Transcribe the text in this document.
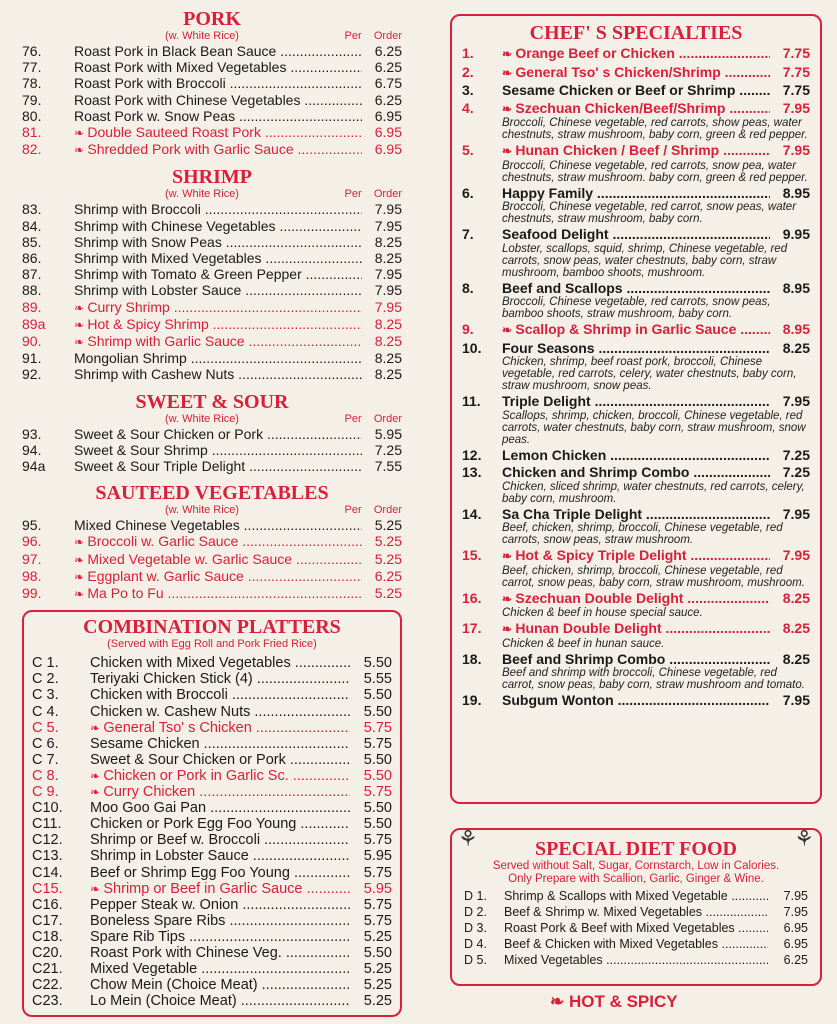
PORK
(w. White Rice)	Per Order
76.	Roast Pork in Black Bean Sauce .....	6.25
77.	Roast Pork with Mixed Vegetables .....	6.25
78.	Roast Pork with Broccoli .....	6.75
79.	Roast Pork with Chinese Vegetables .....	6.25
80.	Roast Pork w. Snow Peas .....	6.95
81.	❧ Double Sauteed Roast Pork .....	6.95
82.	❧ Shredded Pork with Garlic Sauce .....	6.95
SHRIMP
(w. White Rice)	Per Order
83.	Shrimp with Broccoli .....	7.95
84.	Shrimp with Chinese Vegetables .....	7.95
85.	Shrimp with Snow Peas .....	8.25
86.	Shrimp with Mixed Vegetables .....	8.25
87.	Shrimp with Tomato & Green Pepper .....	7.95
88.	Shrimp with Lobster Sauce .....	7.95
89.	❧ Curry Shrimp .....	7.95
89a	❧ Hot & Spicy Shrimp .....	8.25
90.	❧ Shrimp with Garlic Sauce .....	8.25
91.	Mongolian Shrimp .....	8.25
92.	Shrimp with Cashew Nuts .....	8.25
SWEET & SOUR
(w. White Rice)	Per Order
93.	Sweet & Sour Chicken or Pork .....	5.95
94.	Sweet & Sour Shrimp .....	7.25
94a	Sweet & Sour Triple Delight .....	7.55
SAUTEED VEGETABLES
(w. White Rice)	Per Order
95.	Mixed Chinese Vegetables .....	5.25
96.	❧ Broccoli w. Garlic Sauce .....	5.25
97.	❧ Mixed Vegetable w. Garlic Sauce .....	5.25
98.	❧ Eggplant w. Garlic Sauce .....	6.25
99.	❧ Ma Po to Fu .....	5.25
COMBINATION PLATTERS
(Served with Egg Roll and Pork Fried Rice)
C 1.	Chicken with Mixed Vegetables .....	5.50
C 2.	Teriyaki Chicken Stick (4) .....	5.55
C 3.	Chicken with Broccoli .....	5.50
C 4.	Chicken w. Cashew Nuts .....	5.50
C 5.	❧ General Tso' s Chicken .....	5.75
C 6.	Sesame Chicken .....	5.75
C 7.	Sweet & Sour Chicken or Pork .....	5.50
C 8.	❧ Chicken or Pork in Garlic Sc. .....	5.50
C 9.	❧ Curry Chicken .....	5.75
C10.	Moo Goo Gai Pan .....	5.50
C11.	Chicken or Pork Egg Foo Young .....	5.50
C12.	Shrimp or Beef w. Broccoli .....	5.75
C13.	Shrimp in Lobster Sauce .....	5.95
C14.	Beef or Shrimp Egg Foo Young .....	5.75
C15.	❧ Shrimp or Beef in Garlic Sauce .....	5.95
C16.	Pepper Steak w. Onion .....	5.75
C17.	Boneless Spare Ribs .....	5.75
C18.	Spare Rib Tips .....	5.25
C20.	Roast Pork with Chinese Veg. .....	5.50
C21.	Mixed Vegetable .....	5.25
C22.	Chow Mein (Choice Meat) .....	5.25
C23.	Lo Mein (Choice Meat) .....	5.25
CHEF' S SPECIALTIES
1.	❧ Orange Beef or Chicken .....	7.75
2.	❧ General Tso' s Chicken/Shrimp .....	7.75
3.	Sesame Chicken or Beef or Shrimp .....	7.75
4.	❧ Szechuan Chicken/Beef/Shrimp .....	7.95
Broccoli, Chinese vegetable, red carrots, show peas, water chestnuts, straw mushroom, baby corn, green & red pepper.
5.	❧ Hunan Chicken / Beef / Shrimp .....	7.95
Broccoli, Chinese vegetable, red carrots, snow pea, water chestnuts, straw mushroom. baby corn, green & red pepper.
6.	Happy Family .....	8.95
Broccoli, Chinese vegetable, red carrot, snow peas, water chestnuts, straw mushroom, baby corn.
7.	Seafood Delight .....	9.95
Lobster, scallops, squid, shrimp, Chinese vegetable, red carrots, snow peas, water chestnuts, baby corn, straw mushroom, bamboo shoots, mushroom.
8.	Beef and Scallops .....	8.95
Broccoli, Chinese vegetable, red carrots, snow peas, bamboo shoots, straw mushroom, baby corn.
9.	❧ Scallop & Shrimp in Garlic Sauce .....	8.95
10.	Four Seasons .....	8.25
Chicken, shrimp, beef roast pork, broccoli, Chinese vegetable, red carrots, celery, water chestnuts, baby corn, straw mushroom, snow peas.
11.	Triple Delight .....	7.95
Scallops, shrimp, chicken, broccoli, Chinese vegetable, red carrots, water chestnuts, baby corn, straw mushroom, snow peas.
12.	Lemon Chicken .....	7.25
13.	Chicken and Shrimp Combo .....	7.25
Chicken, sliced shrimp, water chestnuts, red carrots, celery, baby corn, mushroom.
14.	Sa Cha Triple Delight .....	7.95
Beef, chicken, shrimp, broccoli, Chinese vegetable, red carrots, snow peas, straw mushroom.
15.	❧ Hot & Spicy Triple Delight .....	7.95
Beef, chicken, shrimp, broccoli, Chinese vegetable, red carrot, snow peas, baby corn, straw mushroom, mushroom.
16.	❧ Szechuan Double Delight .....	8.25
Chicken & beef in house special sauce.
17.	❧ Hunan Double Delight .....	8.25
Chicken & beef in hunan sauce.
18.	Beef and Shrimp Combo .....	8.25
Beef and shrimp with broccoli, Chinese vegetable, red carrot, snow peas, baby corn, straw mushroom and tomato.
19.	Subgum Wonton .....	7.95
⚘	⚘
SPECIAL DIET FOOD
Served without Salt, Sugar, Cornstarch, Low in Calories.
Only Prepare with Scallion, Garlic, Ginger & Wine.
D 1.	Shrimp & Scallops with Mixed Vegetable .....	7.95
D 2.	Beef & Shrimp w. Mixed Vegetables .....	7.95
D 3.	Roast Pork & Beef with Mixed Vegetables .....	6.95
D 4.	Beef & Chicken with Mixed Vegetables .....	6.95
D 5.	Mixed Vegetables .....	6.25
❧ HOT & SPICY
